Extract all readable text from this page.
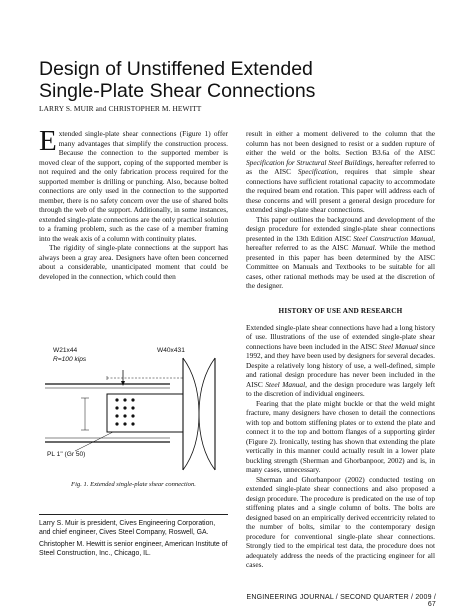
Design of Unstiffened Extended
Single-Plate Shear Connections
LARRY S. MUIR and CHRISTOPHER M. HEWITT

Extended single-plate shear connections (Figure 1) offer many advantages that simplify the construction process. Because the connection to the supported member is moved clear of the support, coping of the supported member is not required and the only fabrication process required for the supported member is drilling or punching. Also, because bolted connections are only used in the connection to the supported member, there is no safety concern over the use of shared bolts through the web of the support. Additionally, in some instances, extended single-plate connections are the only practical solution to a framing problem, such as the case of a member framing into the weak axis of a column with continuity plates.

The rigidity of single-plate connections at the support has always been a gray area. Designers have often been concerned about a considerable, unanticipated moment that could be developed in the connection, which could then

W21x44
R=100 kips
W40x431
PL 1" (Gr 50)
Fig. 1. Extended single-plate shear connection.
Larry S. Muir is president, Cives Engineering Corporation, and chief engineer, Cives Steel Company, Roswell, GA.
Christopher M. Hewitt is senior engineer, American Institute of Steel Construction, Inc., Chicago, IL.

result in either a moment delivered to the column that the column has not been designed to resist or a sudden rupture of either the weld or the bolts. Section B3.6a of the AISC Specification for Structural Steel Buildings, hereafter referred to as the AISC Specification, requires that simple shear connections have sufficient rotational capacity to accommodate the required beam end rotation. This paper will address each of these concerns and will present a general design procedure for extended single-plate shear connections.

This paper outlines the background and development of the design procedure for extended single-plate shear connections presented in the 13th Edition AISC Steel Construction Manual, hereafter referred to as the AISC Manual. While the method presented in this paper has been determined by the AISC Committee on Manuals and Textbooks to be suitable for all cases, other rational methods may be used at the discretion of the designer.

HISTORY OF USE AND RESEARCH

Extended single-plate shear connections have had a long history of use. Illustrations of the use of extended single-plate shear connections have been included in the AISC Steel Manual since 1992, and they have been used by designers for several decades. Despite a relatively long history of use, a well-defined, simple and rational design procedure has never been included in the AISC Steel Manual, and the design procedure was largely left to the discretion of individual engineers.

Fearing that the plate might buckle or that the weld might fracture, many designers have chosen to detail the connections with top and bottom stiffening plates or to extend the plate and connect it to the top and bottom flanges of a supporting girder (Figure 2). Ironically, testing has shown that extending the plate vertically in this manner could actually result in a lower plate buckling strength (Sherman and Ghorbanpoor, 2002) and is, in many cases, unnecessary.

Sherman and Ghorbanpoor (2002) conducted testing on extended single-plate shear connections and also proposed a design procedure. The procedure is predicated on the use of top stiffening plates and a single column of bolts. The bolts are designed based on an empirically derived eccentricity related to the number of bolts, similar to the contemporary design procedure for conventional single-plate shear connections. Strongly tied to the empirical test data, the procedure does not adequately address the needs of the practicing engineer for all cases.

ENGINEERING JOURNAL / SECOND QUARTER / 2009 / 67
